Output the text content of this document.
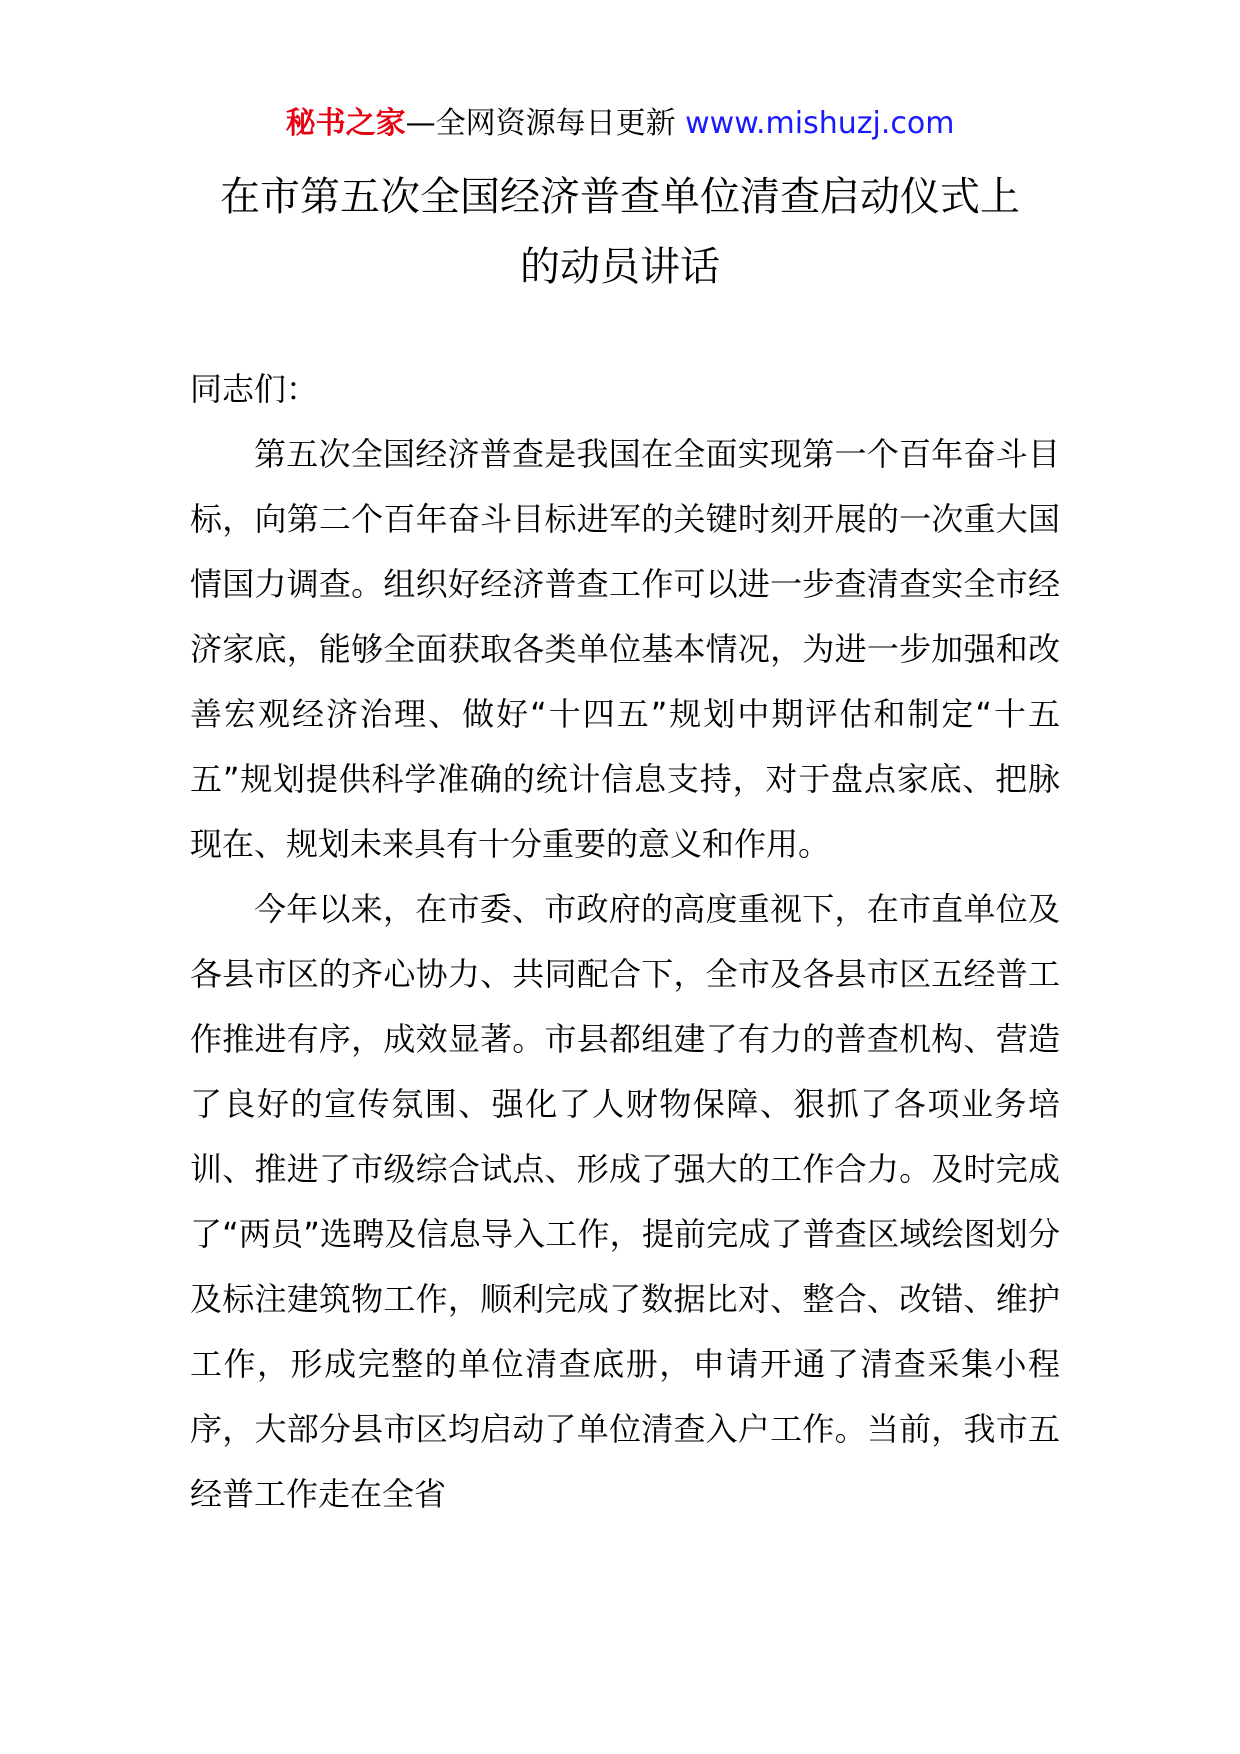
秘书之家—全网资源每日更新 www.mishuzj.com
在市第五次全国经济普查单位清查启动仪式上
的动员讲话

同志们：

第五次全国经济普查是我国在全面实现第一个百年奋斗目标，向第二个百年奋斗目标进军的关键时刻开展的一次重大国情国力调查。组织好经济普查工作可以进一步查清查实全市经济家底，能够全面获取各类单位基本情况，为进一步加强和改善宏观经济治理、做好“十四五”规划中期评估和制定“十五五”规划提供科学准确的统计信息支持，对于盘点家底、把脉现在、规划未来具有十分重要的意义和作用。

今年以来，在市委、市政府的高度重视下，在市直单位及各县市区的齐心协力、共同配合下，全市及各县市区五经普工作推进有序，成效显著。市县都组建了有力的普查机构、营造了良好的宣传氛围、强化了人财物保障、狠抓了各项业务培训、推进了市级综合试点、形成了强大的工作合力。及时完成了“两员”选聘及信息导入工作，提前完成了普查区域绘图划分及标注建筑物工作，顺利完成了数据比对、整合、改错、维护工作，形成完整的单位清查底册，申请开通了清查采集小程序，大部分县市区均启动了单位清查入户工作。当前，我市五经普工作走在全省
